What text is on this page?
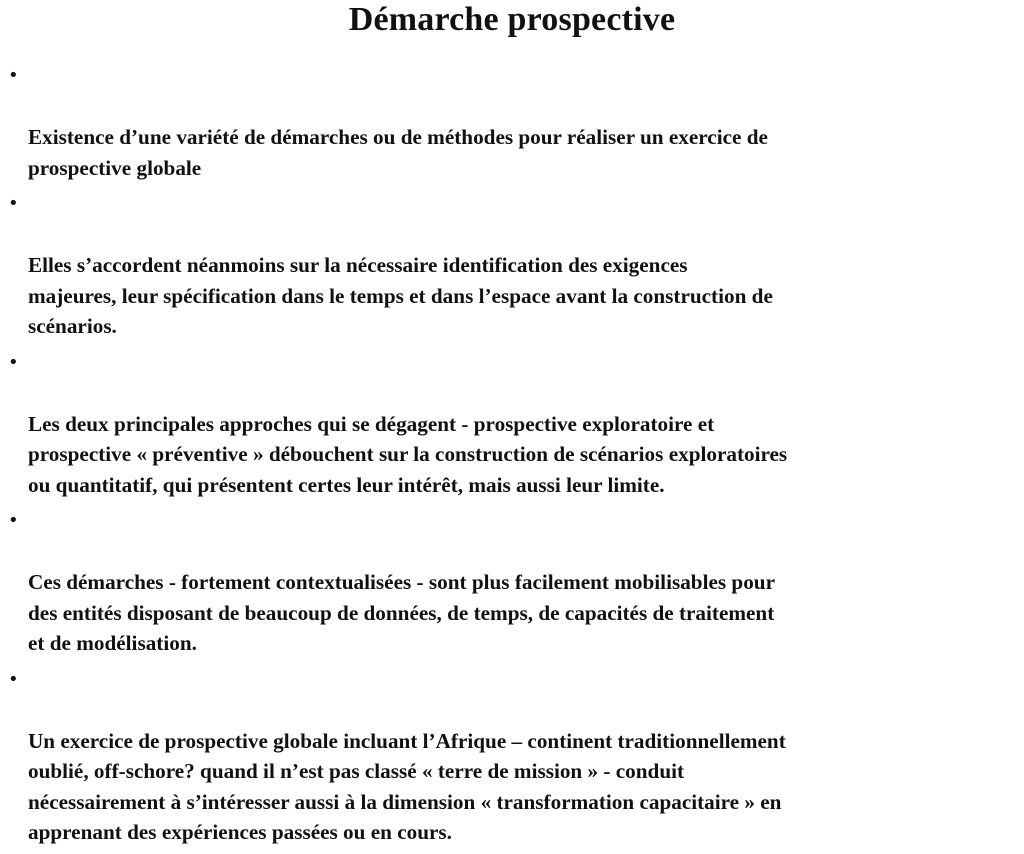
Démarche prospective

•

Existence d’une variété de démarches ou de méthodes pour réaliser un exercice de
prospective globale

•

Elles s’accordent néanmoins sur la nécessaire identification des exigences
majeures, leur spécification dans le temps et dans l’espace avant la construction de
scénarios.

•

Les deux principales approches qui se dégagent - prospective exploratoire et
prospective « préventive » débouchent sur la construction de scénarios exploratoires
ou quantitatif, qui présentent certes leur intérêt, mais aussi leur limite.

•

Ces démarches - fortement contextualisées - sont plus facilement mobilisables pour
des entités disposant de beaucoup de données, de temps, de capacités de traitement
et de modélisation.

•

Un exercice de prospective globale incluant l’Afrique – continent traditionnellement
oublié, off-schore? quand il n’est pas classé « terre de mission » - conduit
nécessairement à s’intéresser aussi à la dimension « transformation capacitaire » en
apprenant des expériences passées ou en cours.
